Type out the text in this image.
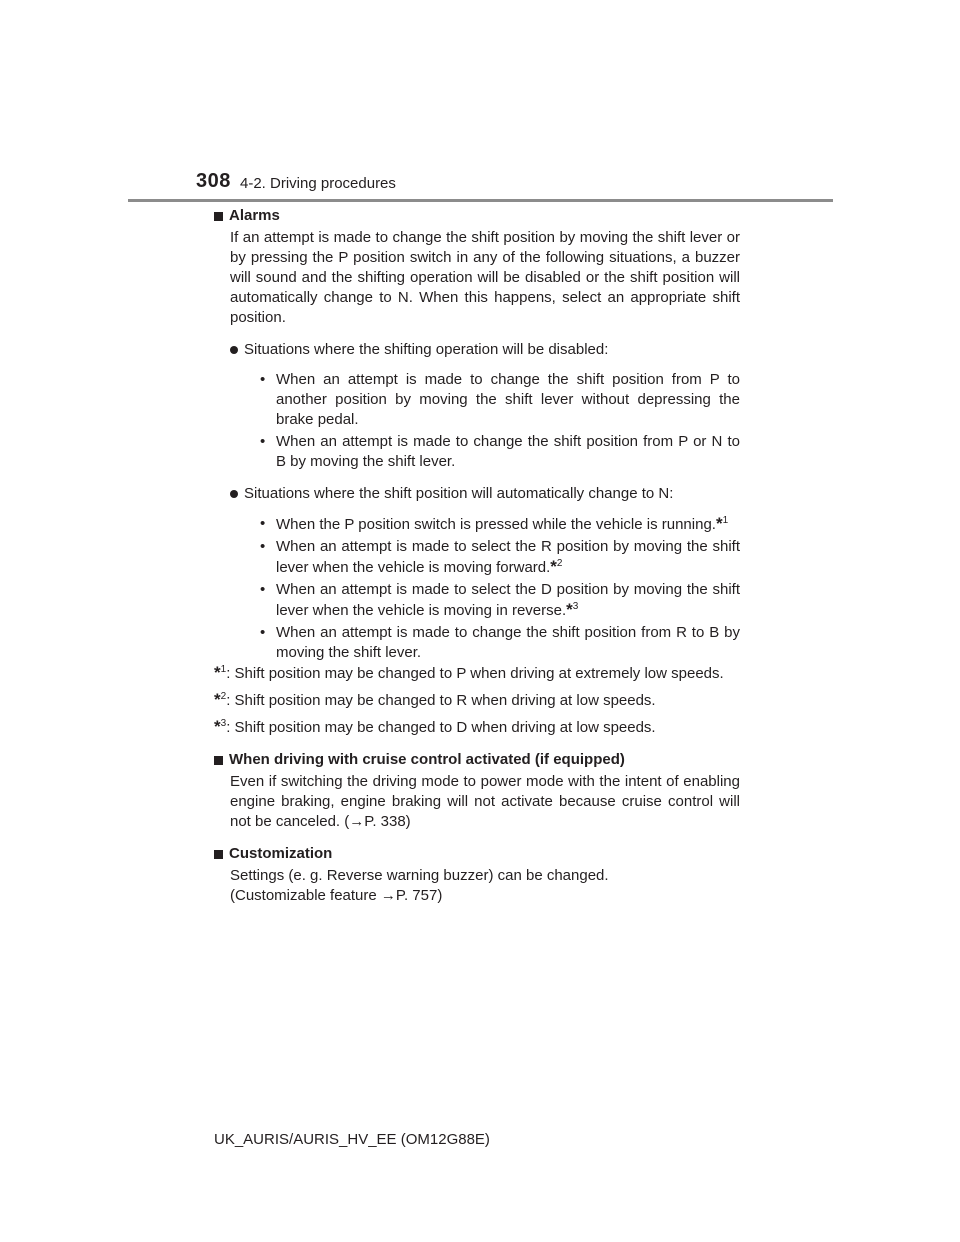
308 4-2. Driving procedures
Alarms
If an attempt is made to change the shift position by moving the shift lever or by pressing the P position switch in any of the following situations, a buzzer will sound and the shifting operation will be disabled or the shift position will automatically change to N. When this happens, select an appropriate shift position.
Situations where the shifting operation will be disabled:
• When an attempt is made to change the shift position from P to another position by moving the shift lever without depressing the brake pedal.
• When an attempt is made to change the shift position from P or N to B by moving the shift lever.
Situations where the shift position will automatically change to N:
• When the P position switch is pressed while the vehicle is running.*$^1$
• When an attempt is made to select the R position by moving the shift lever when the vehicle is moving forward.*$^2$
• When an attempt is made to select the D position by moving the shift lever when the vehicle is moving in reverse.*$^3$
• When an attempt is made to change the shift position from R to B by moving the shift lever.
*$^1$: Shift position may be changed to P when driving at extremely low speeds.
*$^2$: Shift position may be changed to R when driving at low speeds.
*$^3$: Shift position may be changed to D when driving at low speeds.
When driving with cruise control activated (if equipped)
Even if switching the driving mode to power mode with the intent of enabling engine braking, engine braking will not activate because cruise control will not be canceled. (→P. 338)
Customization
Settings (e. g. Reverse warning buzzer) can be changed.
(Customizable feature →P. 757)
UK_AURIS/AURIS_HV_EE (OM12G88E)
